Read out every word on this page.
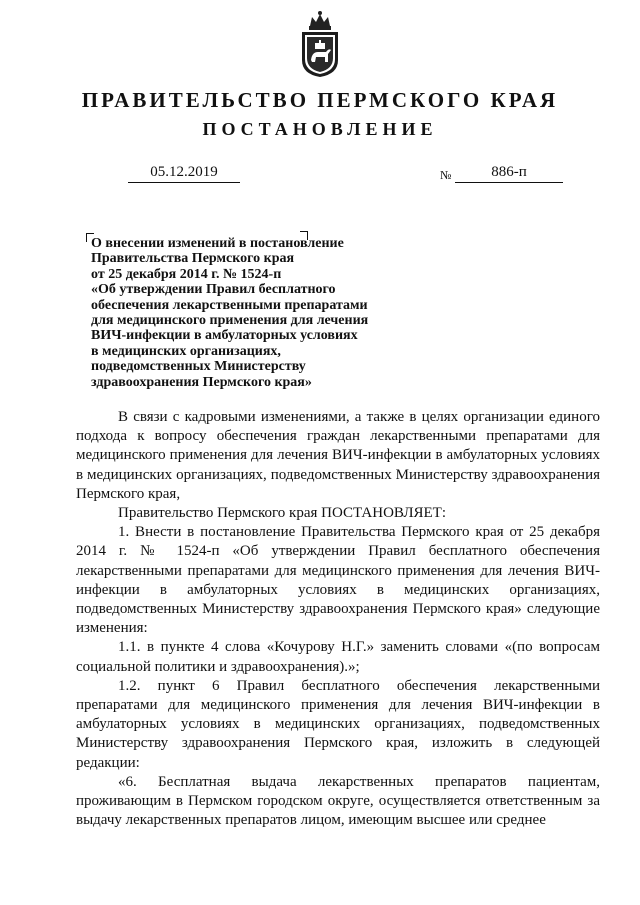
ПРАВИТЕЛЬСТВО ПЕРМСКОГО КРАЯ
ПОСТАНОВЛЕНИЕ
05.12.2019	№	886-п
О внесении изменений в постановление
Правительства Пермского края
от 25 декабря 2014 г. № 1524-п
«Об утверждении Правил бесплатного
обеспечения лекарственными препаратами
для медицинского применения для лечения
ВИЧ-инфекции в амбулаторных условиях
в медицинских организациях,
подведомственных Министерству
здравоохранения Пермского края»

В связи с кадровыми изменениями, а также в целях организации единого подхода к вопросу обеспечения граждан лекарственными препаратами для медицинского применения для лечения ВИЧ-инфекции в амбулаторных условиях в медицинских организациях, подведомственных Министерству здравоохранения Пермского края,

Правительство Пермского края ПОСТАНОВЛЯЕТ:

1. Внести в постановление Правительства Пермского края от 25 декабря 2014 г. № 1524-п «Об утверждении Правил бесплатного обеспечения лекарственными препаратами для медицинского применения для лечения ВИЧ-инфекции в амбулаторных условиях в медицинских организациях, подведомственных Министерству здравоохранения Пермского края» следующие изменения:

1.1. в пункте 4 слова «Кочурову Н.Г.» заменить словами «(по вопросам социальной политики и здравоохранения).»;

1.2. пункт 6 Правил бесплатного обеспечения лекарственными препаратами для медицинского применения для лечения ВИЧ-инфекции в амбулаторных условиях в медицинских организациях, подведомственных Министерству здравоохранения Пермского края, изложить в следующей редакции:

«6. Бесплатная выдача лекарственных препаратов пациентам, проживающим в Пермском городском округе, осуществляется ответственным за выдачу лекарственных препаратов лицом, имеющим высшее или среднее
